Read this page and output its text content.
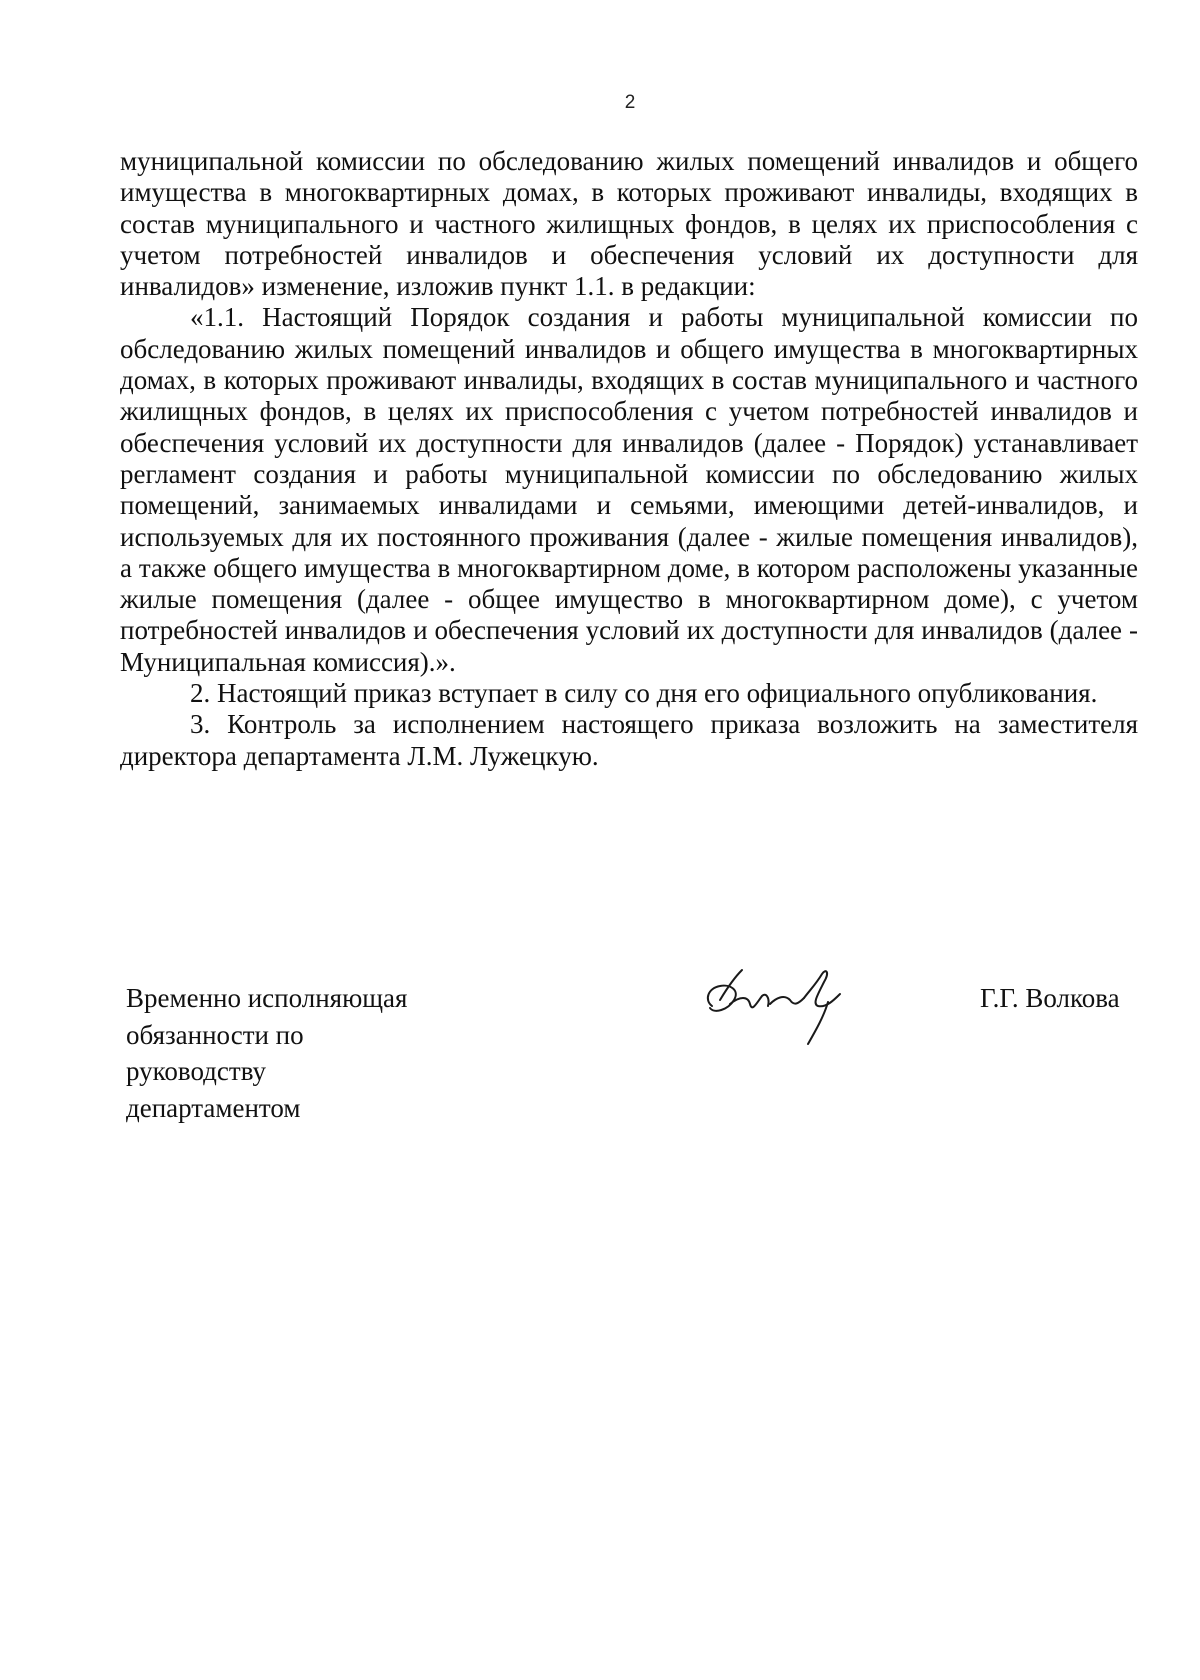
2

муниципальной комиссии по обследованию жилых помещений инвалидов и общего имущества в многоквартирных домах, в которых проживают инвалиды, входящих в состав муниципального и частного жилищных фондов, в целях их приспособления с учетом потребностей инвалидов и обеспечения условий их доступности для инвалидов» изменение, изложив пункт 1.1. в редакции:

«1.1. Настоящий Порядок создания и работы муниципальной комиссии по обследованию жилых помещений инвалидов и общего имущества в многоквартирных домах, в которых проживают инвалиды, входящих в состав муниципального и частного жилищных фондов, в целях их приспособления с учетом потребностей инвалидов и обеспечения условий их доступности для инвалидов (далее - Порядок) устанавливает регламент создания и работы муниципальной комиссии по обследованию жилых помещений, занимаемых инвалидами и семьями, имеющими детей-инвалидов, и используемых для их постоянного проживания (далее - жилые помещения инвалидов), а также общего имущества в многоквартирном доме, в котором расположены указанные жилые помещения (далее - общее имущество в многоквартирном доме), с учетом потребностей инвалидов и обеспечения условий их доступности для инвалидов (далее - Муниципальная комиссия).».

2. Настоящий приказ вступает в силу со дня его официального опубликования.

3. Контроль за исполнением настоящего приказа возложить на заместителя директора департамента Л.М. Лужецкую.

Временно исполняющая
обязанности по
руководству
департаментом
Г.Г. Волкова
